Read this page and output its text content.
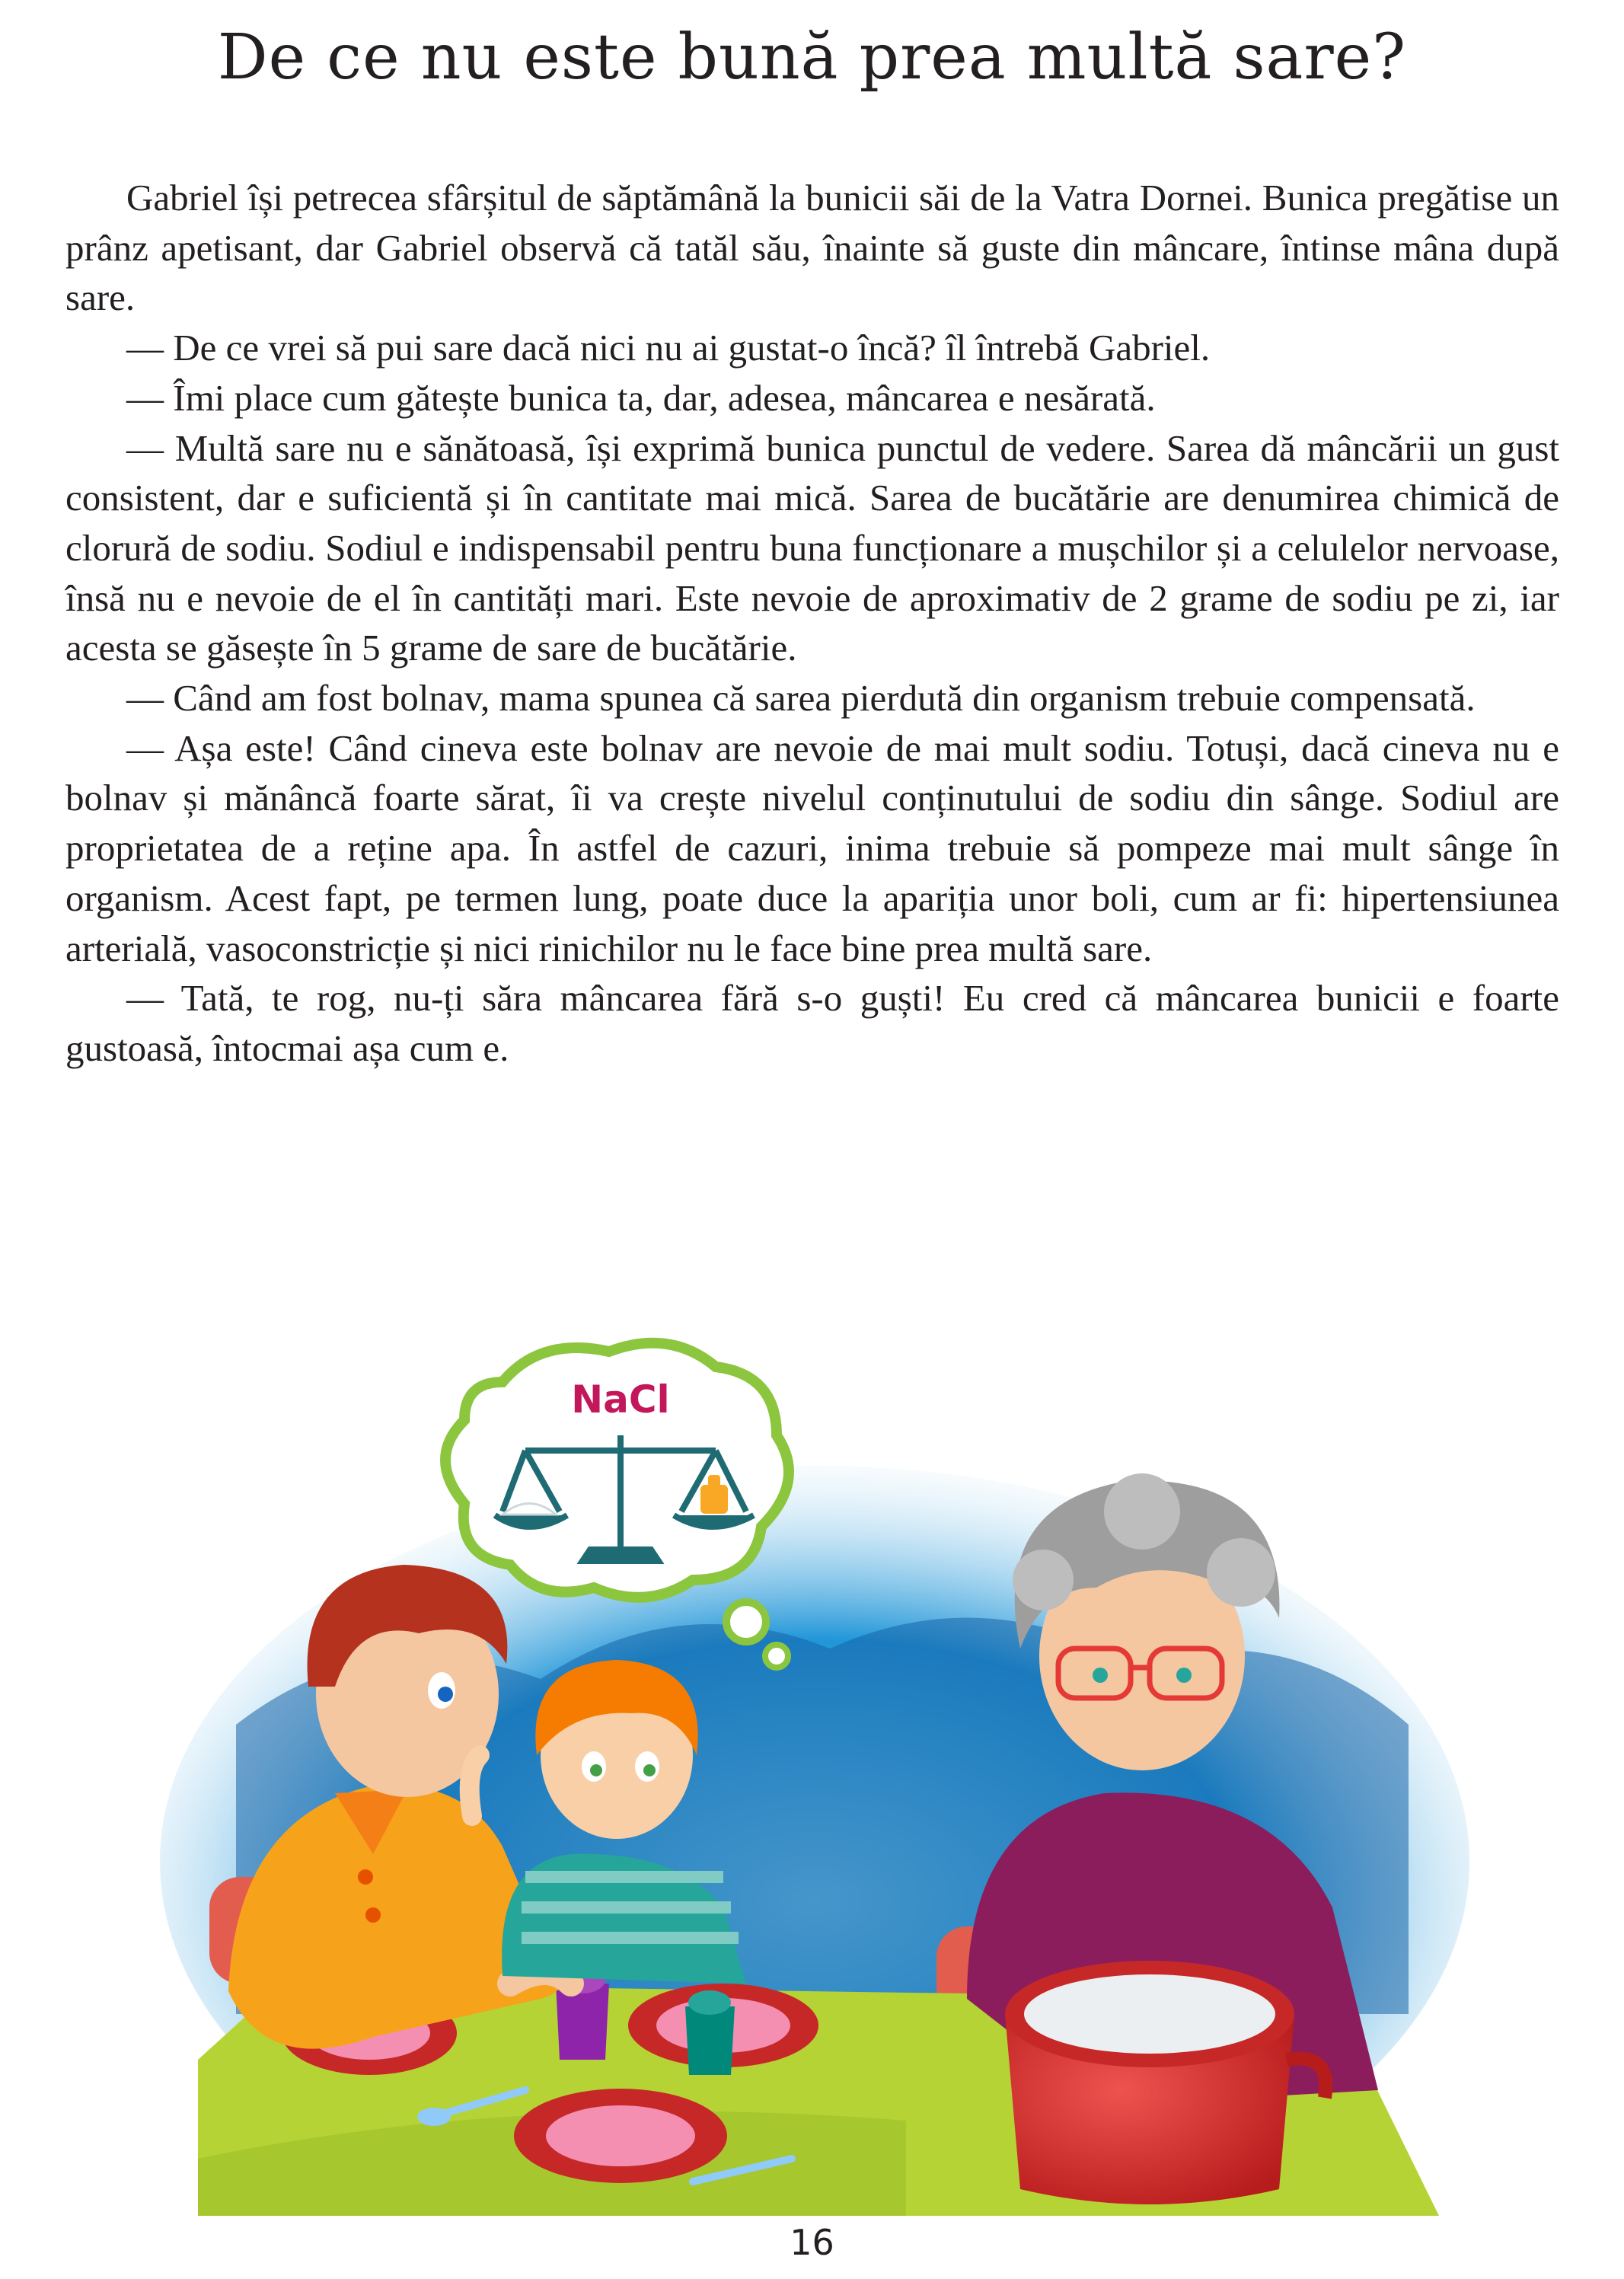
De ce nu este bună prea multă sare?

Gabriel își petrecea sfârșitul de săptămână la bunicii săi de la Vatra Dornei. Bunica pregătise un prânz apetisant, dar Gabriel observă că tatăl său, înainte să guste din mâncare, întinse mâna după sare.

— De ce vrei să pui sare dacă nici nu ai gustat-o încă? îl întrebă Gabriel.

— Îmi place cum gătește bunica ta, dar, adesea, mâncarea e nesărată.

— Multă sare nu e sănătoasă, își exprimă bunica punctul de vedere. Sarea dă mâncării un gust consistent, dar e suficientă și în cantitate mai mică. Sarea de bucătărie are denumirea chimică de clorură de sodiu. Sodiul e indispensabil pentru buna funcționare a mușchilor și a celulelor nervoase, însă nu e nevoie de el în cantități mari. Este nevoie de aproximativ de 2 grame de sodiu pe zi, iar acesta se găsește în 5 grame de sare de bucătărie.

— Când am fost bolnav, mama spunea că sarea pierdută din organism trebuie compensată.

— Așa este! Când cineva este bolnav are nevoie de mai mult sodiu. Totuși, dacă cineva nu e bolnav și mănâncă foarte sărat, îi va crește nivelul conținutului de sodiu din sânge. Sodiul are proprietatea de a reține apa. În astfel de cazuri, inima trebuie să pompeze mai mult sânge în organism. Acest fapt, pe termen lung, poate duce la apariția unor boli, cum ar fi: hipertensiunea arterială, vasoconstricție și nici rinichilor nu le face bine prea multă sare.

— Tată, te rog, nu-ți săra mâncarea fără s-o guști! Eu cred că mâncarea bunicii e foarte gustoasă, întocmai așa cum e.

NaCl
16
